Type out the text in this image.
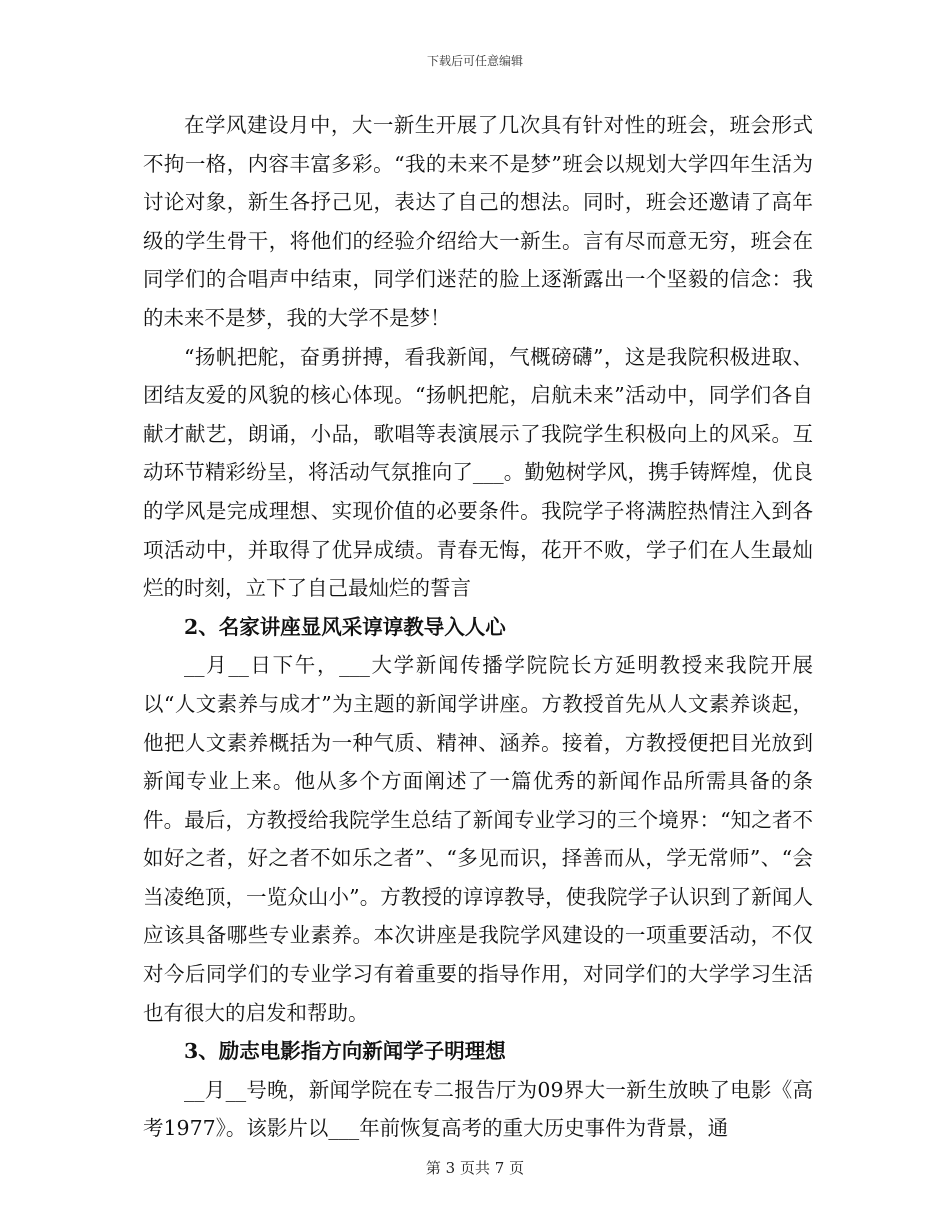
下载后可任意编辑

在学风建设月中，大一新生开展了几次具有针对性的班会，班会形式不拘一格，内容丰富多彩。“我的未来不是梦”班会以规划大学四年生活为讨论对象，新生各抒己见，表达了自己的想法。同时，班会还邀请了高年级的学生骨干，将他们的经验介绍给大一新生。言有尽而意无穷，班会在同学们的合唱声中结束，同学们迷茫的脸上逐渐露出一个坚毅的信念：我的未来不是梦，我的大学不是梦！

“扬帆把舵，奋勇拼搏，看我新闻，气概磅礴”，这是我院积极进取、团结友爱的风貌的核心体现。“扬帆把舵，启航未来”活动中，同学们各自献才献艺，朗诵，小品，歌唱等表演展示了我院学生积极向上的风采。互动环节精彩纷呈，将活动气氛推向了___。勤勉树学风，携手铸辉煌，优良的学风是完成理想、实现价值的必要条件。我院学子将满腔热情注入到各项活动中，并取得了优异成绩。青春无悔，花开不败，学子们在人生最灿烂的时刻，立下了自己最灿烂的誓言

2、名家讲座显风采谆谆教导入人心

__月__日下午，___大学新闻传播学院院长方延明教授来我院开展以“人文素养与成才”为主题的新闻学讲座。方教授首先从人文素养谈起，他把人文素养概括为一种气质、精神、涵养。接着，方教授便把目光放到新闻专业上来。他从多个方面阐述了一篇优秀的新闻作品所需具备的条件。最后，方教授给我院学生总结了新闻专业学习的三个境界：“知之者不如好之者，好之者不如乐之者”、“多见而识，择善而从，学无常师”、“会当凌绝顶，一览众山小”。方教授的谆谆教导，使我院学子认识到了新闻人应该具备哪些专业素养。本次讲座是我院学风建设的一项重要活动，不仅对今后同学们的专业学习有着重要的指导作用，对同学们的大学学习生活也有很大的启发和帮助。

3、励志电影指方向新闻学子明理想

__月__号晚，新闻学院在专二报告厅为09界大一新生放映了电影《高考1977》。该影片以___年前恢复高考的重大历史事件为背景，通

第 3 页共 7 页
